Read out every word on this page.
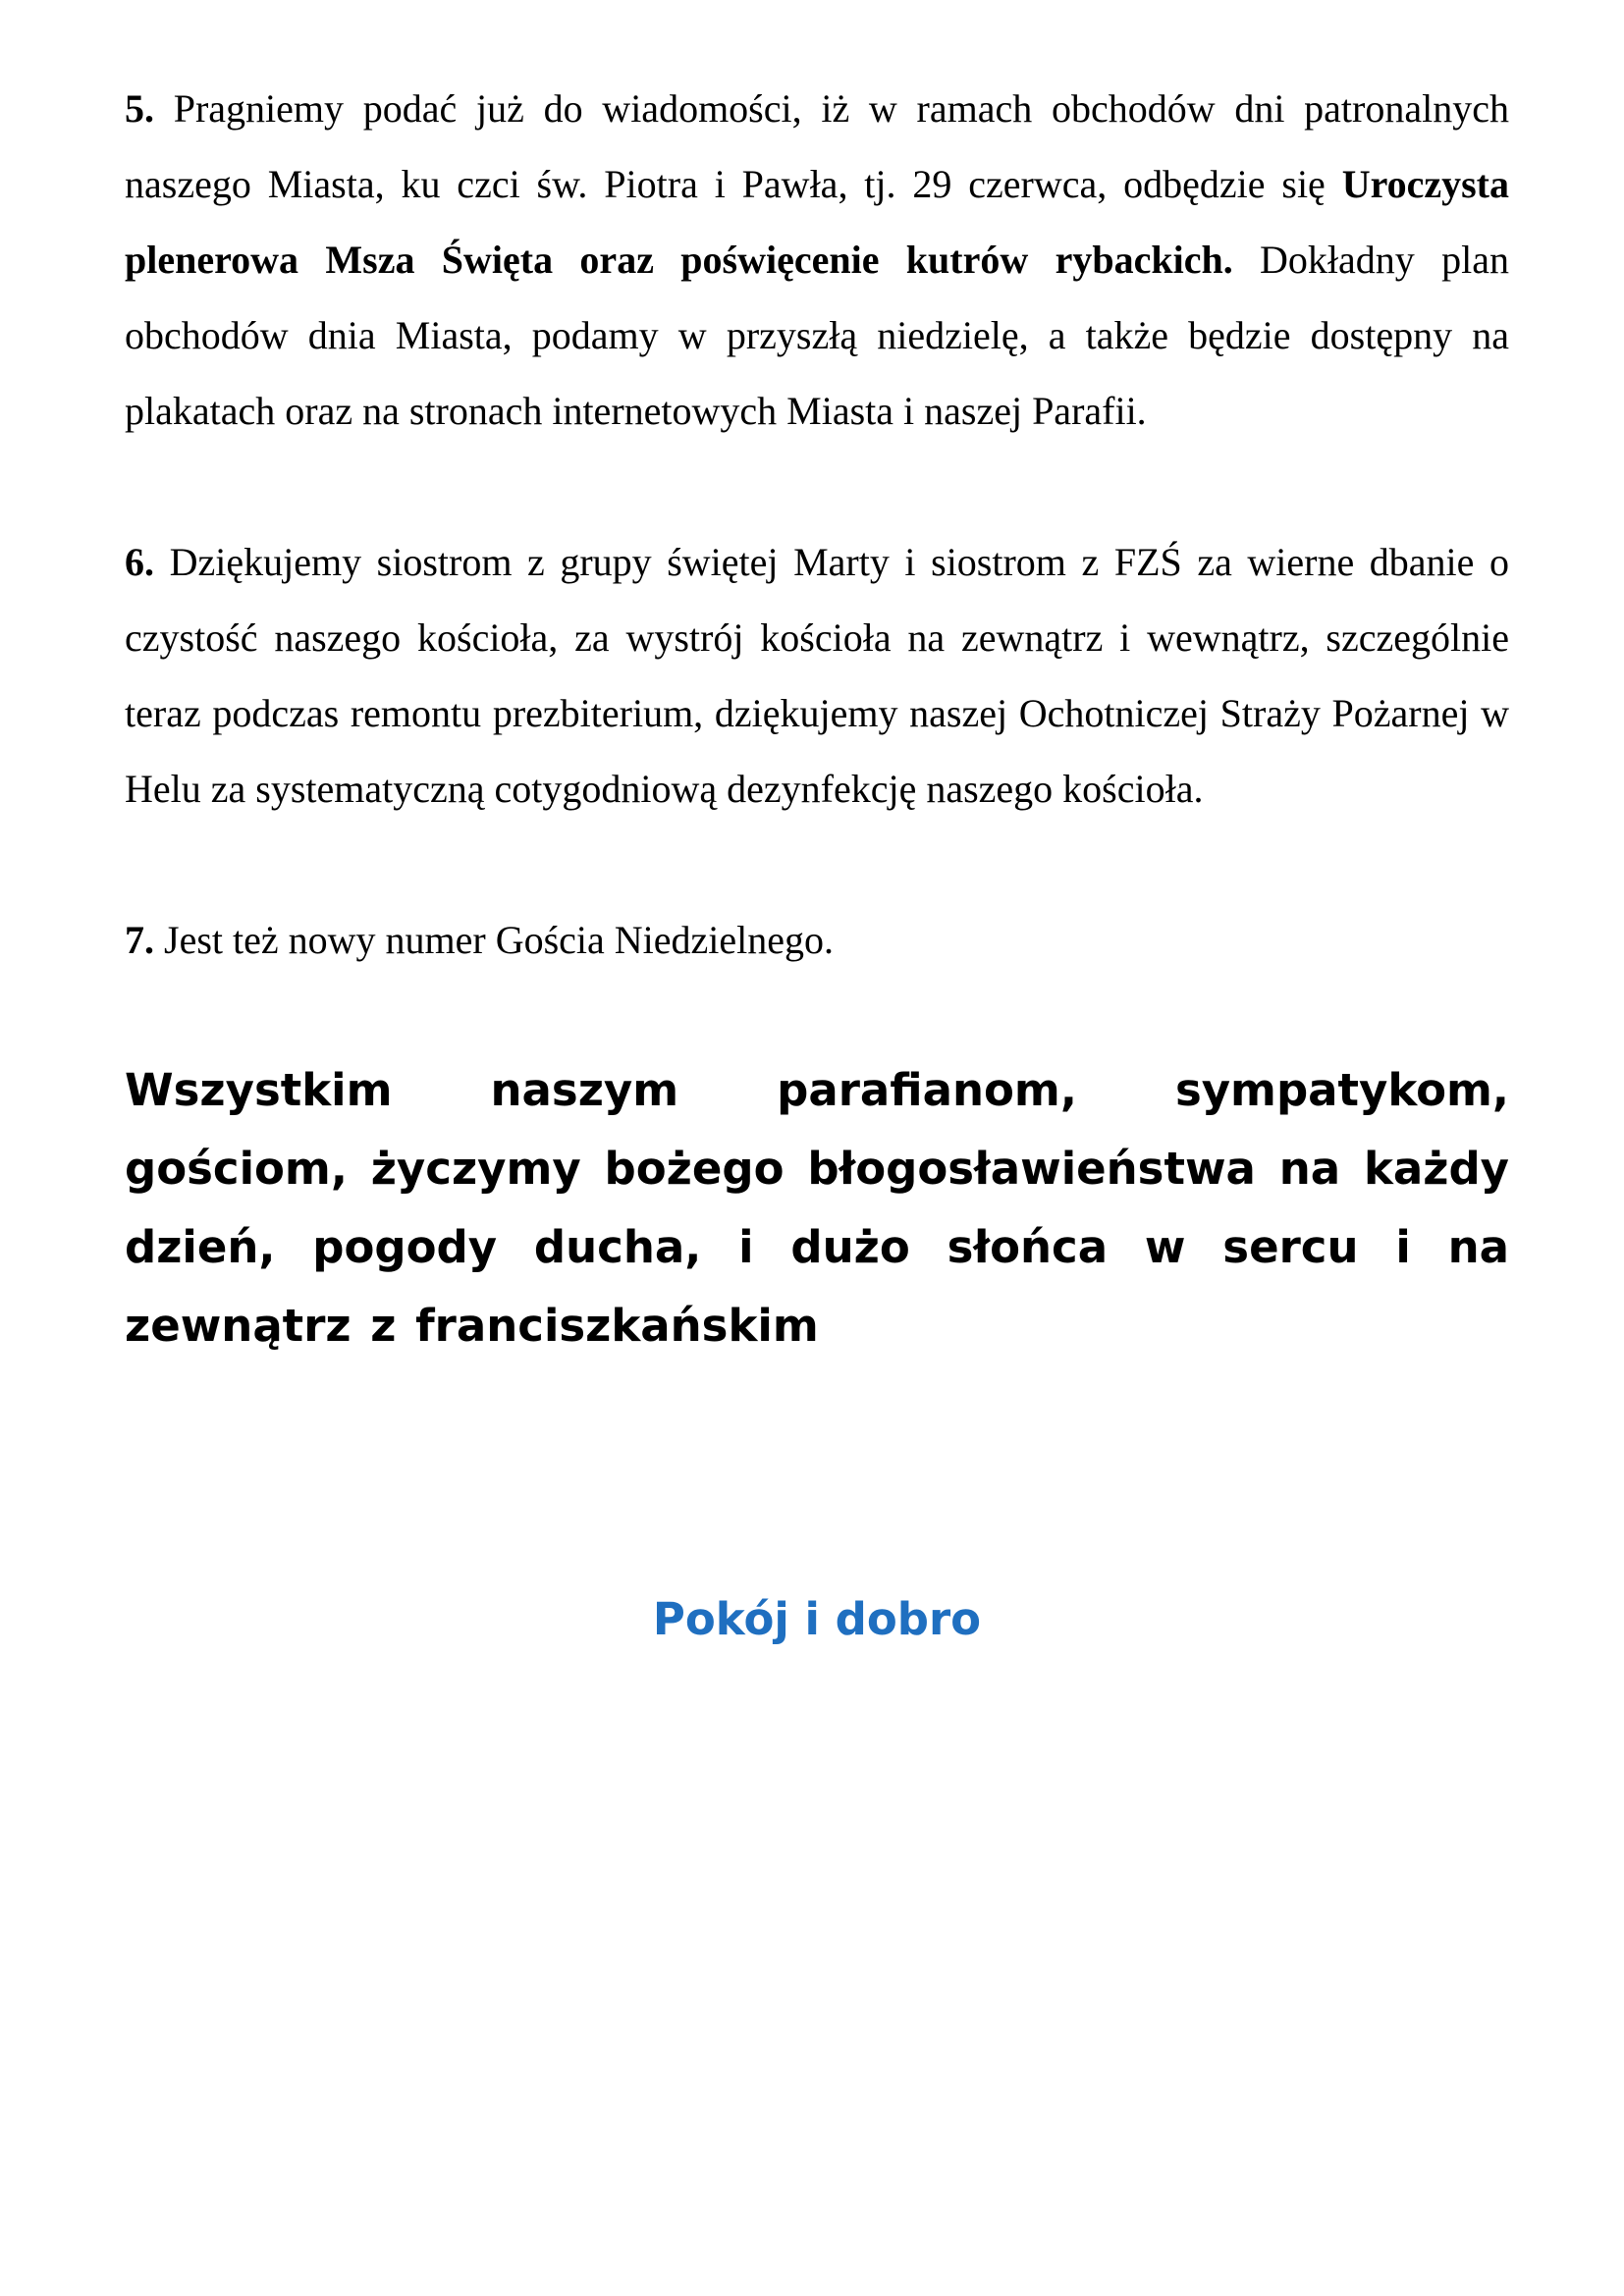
5. Pragniemy podać już do wiadomości, iż w ramach obchodów dni patronalnych naszego Miasta, ku czci św. Piotra i Pawła, tj. 29 czerwca, odbędzie się Uroczysta plenerowa Msza Święta oraz poświęcenie kutrów rybackich. Dokładny plan obchodów dnia Miasta, podamy w przyszłą niedzielę, a także będzie dostępny na plakatach oraz na stronach internetowych Miasta i naszej Parafii.

6. Dziękujemy siostrom z grupy świętej Marty i siostrom z FZŚ za wierne dbanie o czystość naszego kościoła, za wystrój kościoła na zewnątrz i wewnątrz, szczególnie teraz podczas remontu prezbiterium, dziękujemy naszej Ochotniczej Straży Pożarnej w Helu za systematyczną cotygodniową dezynfekcję naszego kościoła.

7. Jest też nowy numer Gościa Niedzielnego.

Wszystkim naszym parafianom, sympatykom, gościom, życzymy bożego błogosławieństwa na każdy dzień, pogody ducha, i dużo słońca w sercu i na zewnątrz z franciszkańskim

Pokój i dobro
